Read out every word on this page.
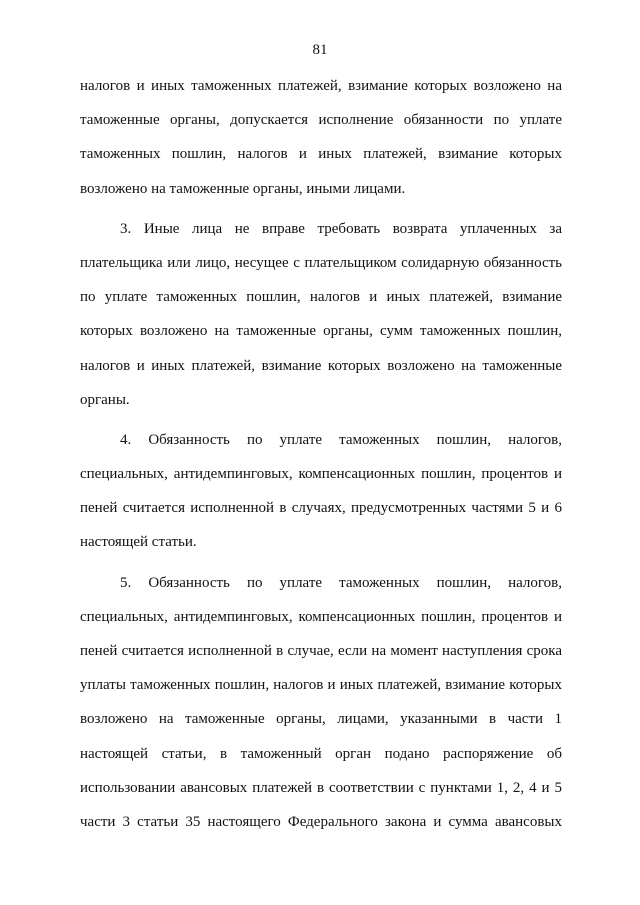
81
налогов и иных таможенных платежей, взимание которых возложено на
таможенные органы, допускается исполнение обязанности по уплате
таможенных пошлин, налогов и иных платежей, взимание которых
возложено на таможенные органы, иными лицами.
3. Иные лица не вправе требовать возврата уплаченных за
плательщика или лицо, несущее с плательщиком солидарную обязанность
по уплате таможенных пошлин, налогов и иных платежей, взимание
которых возложено на таможенные органы, сумм таможенных пошлин,
налогов и иных платежей, взимание которых возложено на таможенные
органы.
4. Обязанность по уплате таможенных пошлин, налогов,
специальных, антидемпинговых, компенсационных пошлин, процентов и
пеней считается исполненной в случаях, предусмотренных частями 5 и 6
настоящей статьи.
5. Обязанность по уплате таможенных пошлин, налогов,
специальных, антидемпинговых, компенсационных пошлин, процентов и
пеней считается исполненной в случае, если на момент наступления срока
уплаты таможенных пошлин, налогов и иных платежей, взимание которых
возложено на таможенные органы, лицами, указанными в части 1
настоящей статьи, в таможенный орган подано распоряжение об
использовании авансовых платежей в соответствии с пунктами 1, 2, 4 и 5
части 3 статьи 35 настоящего Федерального закона и сумма авансовых
